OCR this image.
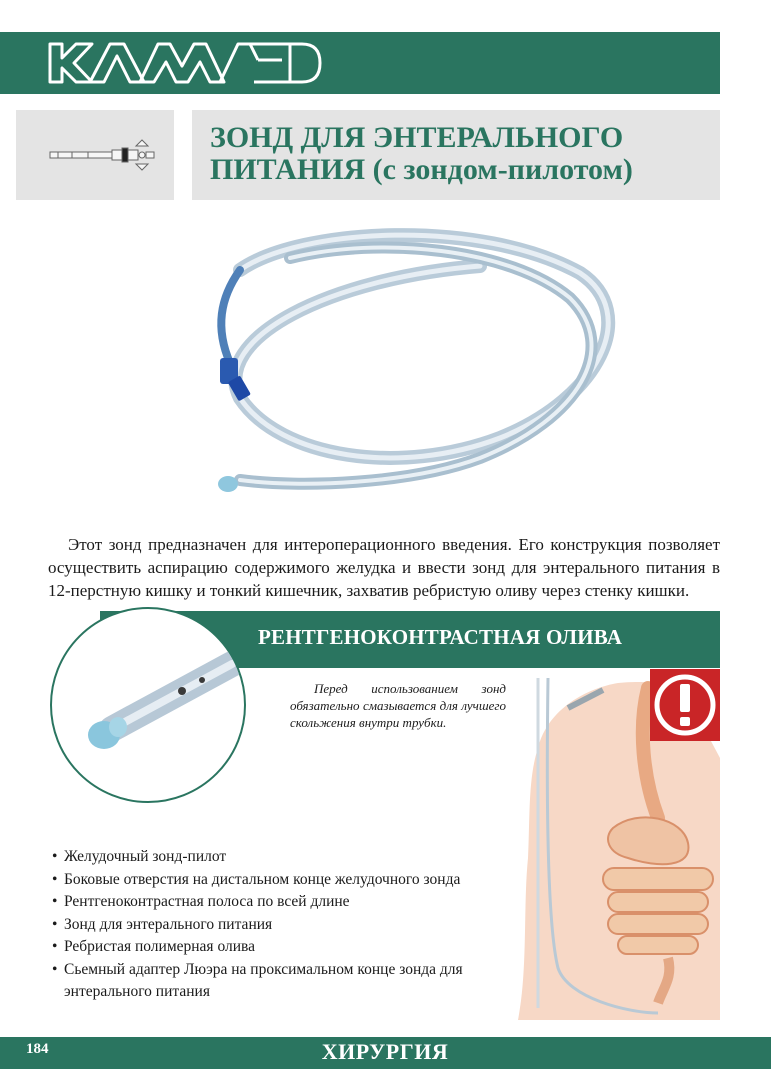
KAMMED
ЗОНД ДЛЯ ЭНТЕРАЛЬНОГО
ПИТАНИЯ (с зондом-пилотом)

Этот зонд предназначен для интероперационного введения. Его конструкция позволяет осуществить аспирацию содержимого желудка и ввести зонд для энтерального питания в 12-перстную кишку и тонкий кишечник, захватив ребристую оливу через стенку кишки.

РЕНТГЕНОКОНТРАСТНАЯ ОЛИВА

Перед использованием зонд обязательно смазывается для лучшего скольжения внутри трубки.

• Желудочный зонд-пилот
• Боковые отверстия на дистальном конце желудочного зонда
• Рентгеноконтрастная полоса по всей длине
• Зонд для энтерального питания
• Ребристая полимерная олива
• Сьемный адаптер Люэра на проксимальном конце зонда для энтерального питания

184	ХИРУРГИЯ
